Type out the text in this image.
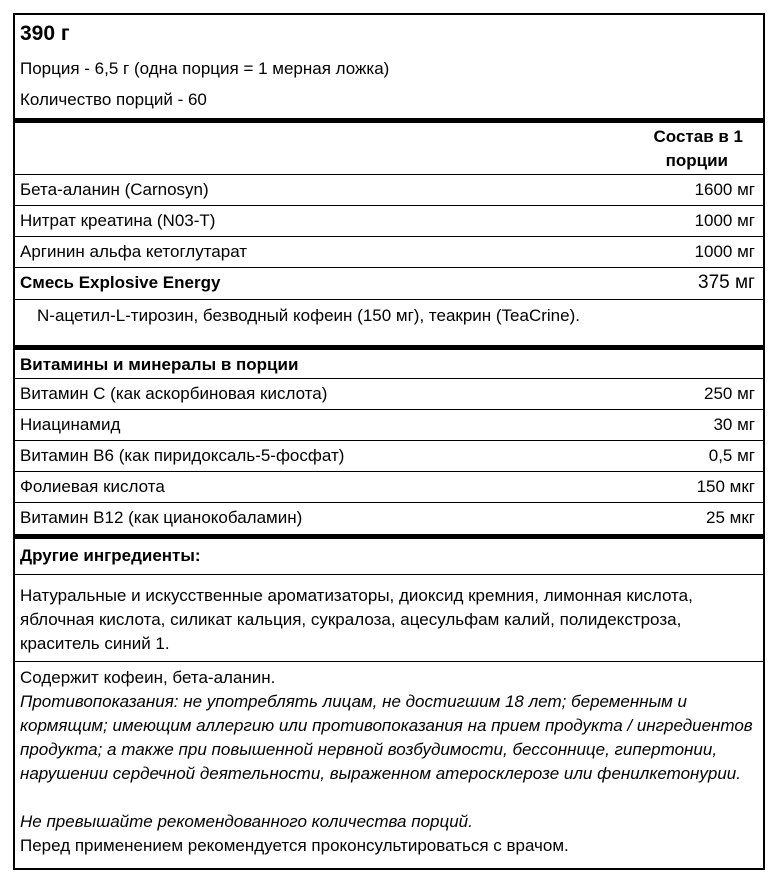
390 г
Порция - 6,5 г (одна порция = 1 мерная ложка)
Количество порций - 60
Состав в 1
порции
Бета-аланин (Carnosyn)	1600 мг
Нитрат креатина (N03-T)	1000 мг
Аргинин альфа кетоглутарат	1000 мг
Смесь Explosive Energy	375 мг
N-ацетил-L-тирозин, безводный кофеин (150 мг), теакрин (TeaCrine).
Витамины и минералы в порции
Витамин С (как аскорбиновая кислота)	250 мг
Ниацинамид	30 мг
Витамин В6 (как пиридоксаль-5-фосфат)	0,5 мг
Фолиевая кислота	150 мкг
Витамин В12 (как цианокобаламин)	25 мкг
Другие ингредиенты:
Натуральные и искусственные ароматизаторы, диоксид кремния, лимонная кислота, яблочная кислота, силикат кальция, сукралоза, ацесульфам калий, полидекстроза, краситель синий 1.
Содержит кофеин, бета-аланин.
Противопоказания: не употреблять лицам, не достигшим 18 лет; беременным и кормящим; имеющим аллергию или противопоказания на прием продукта / ингредиентов продукта; а также при повышенной нервной возбудимости, бессоннице, гипертонии, нарушении сердечной деятельности, выраженном атеросклерозе или фенилкетонурии.
Не превышайте рекомендованного количества порций.
Перед применением рекомендуется проконсультироваться с врачом.
